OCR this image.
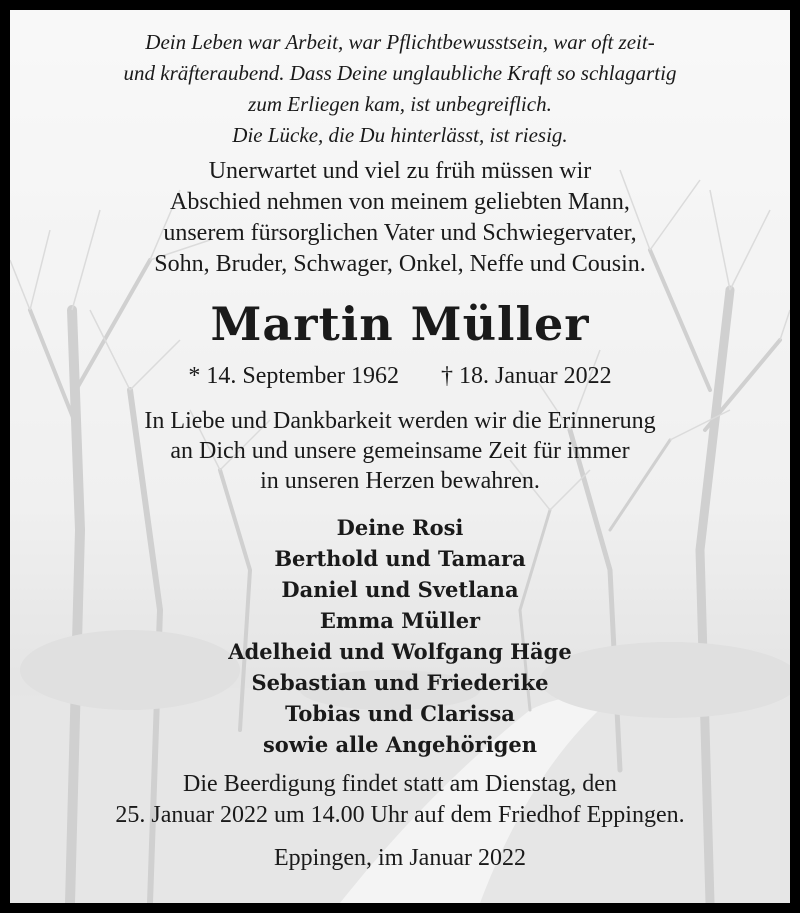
Dein Leben war Arbeit, war Pflichtbewusstsein, war oft zeit-
und kräfteraubend. Dass Deine unglaubliche Kraft so schlagartig
zum Erliegen kam, ist unbegreiflich.
Die Lücke, die Du hinterlässt, ist riesig.
Unerwartet und viel zu früh müssen wir
Abschied nehmen von meinem geliebten Mann,
unserem fürsorglichen Vater und Schwiegervater,
Sohn, Bruder, Schwager, Onkel, Neffe und Cousin.
Martin Müller
* 14. September 1962 † 18. Januar 2022
In Liebe und Dankbarkeit werden wir die Erinnerung
an Dich und unsere gemeinsame Zeit für immer
in unseren Herzen bewahren.
Deine Rosi
Berthold und Tamara
Daniel und Svetlana
Emma Müller
Adelheid und Wolfgang Häge
Sebastian und Friederike
Tobias und Clarissa
sowie alle Angehörigen
Die Beerdigung findet statt am Dienstag, den
25. Januar 2022 um 14.00 Uhr auf dem Friedhof Eppingen.
Eppingen, im Januar 2022
